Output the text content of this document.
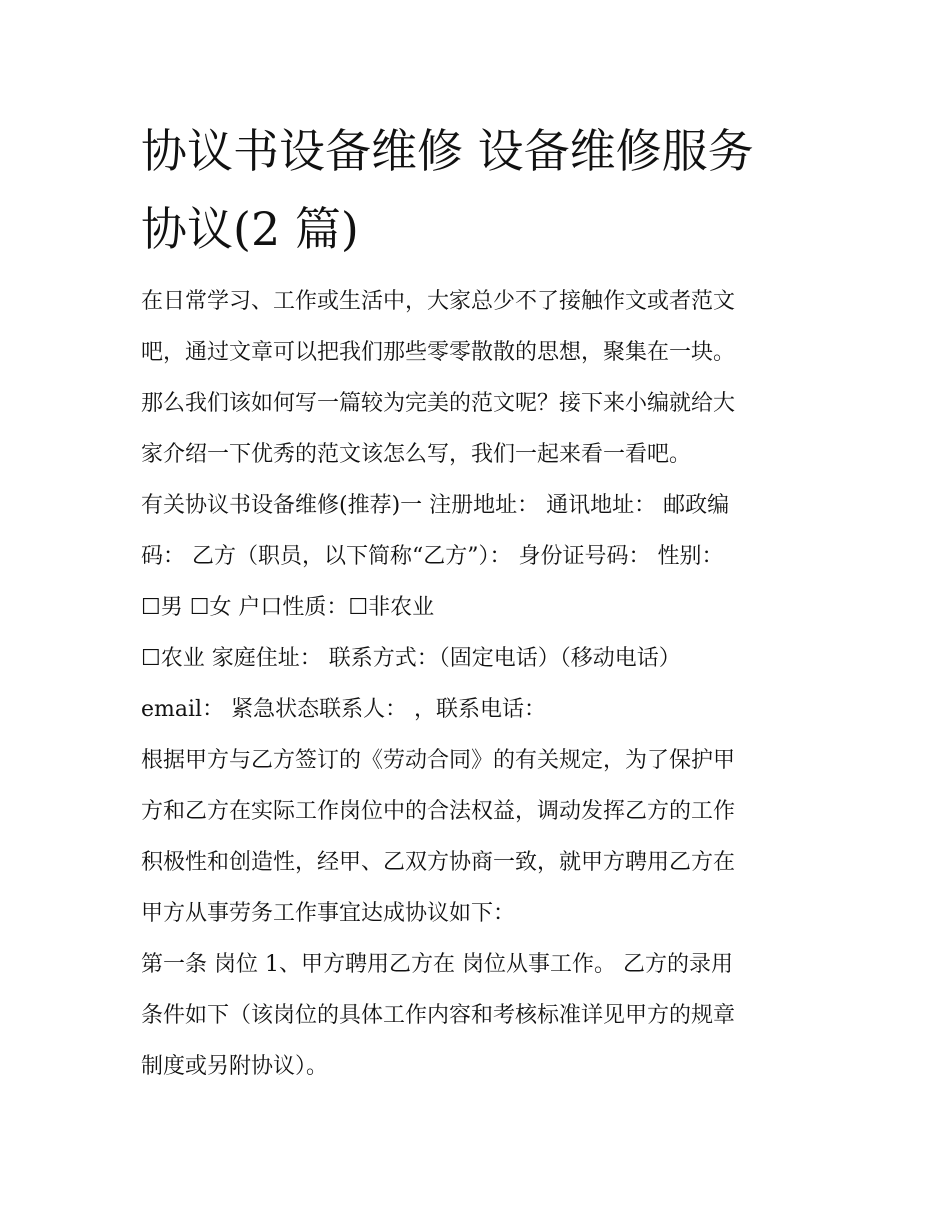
协议书设备维修 设备维修服务
协议(2 篇)

在日常学习、工作或生活中，大家总少不了接触作文或者范文
吧，通过文章可以把我们那些零零散散的思想，聚集在一块。
那么我们该如何写一篇较为完美的范文呢？接下来小编就给大
家介绍一下优秀的范文该怎么写，我们一起来看一看吧。

有关协议书设备维修(推荐)一 注册地址： 通讯地址： 邮政编
码： 乙方（职员，以下简称“乙方”）： 身份证号码： 性别：
☐男 ☐女 户口性质：☐非农业
☐农业 家庭住址： 联系方式：（固定电话）（移动电话）
email： 紧急状态联系人： ，联系电话：

根据甲方与乙方签订的《劳动合同》的有关规定，为了保护甲
方和乙方在实际工作岗位中的合法权益，调动发挥乙方的工作
积极性和创造性，经甲、乙双方协商一致，就甲方聘用乙方在
甲方从事劳务工作事宜达成协议如下：

第一条 岗位 1、甲方聘用乙方在 岗位从事工作。 乙方的录用
条件如下（该岗位的具体工作内容和考核标准详见甲方的规章
制度或另附协议）。
